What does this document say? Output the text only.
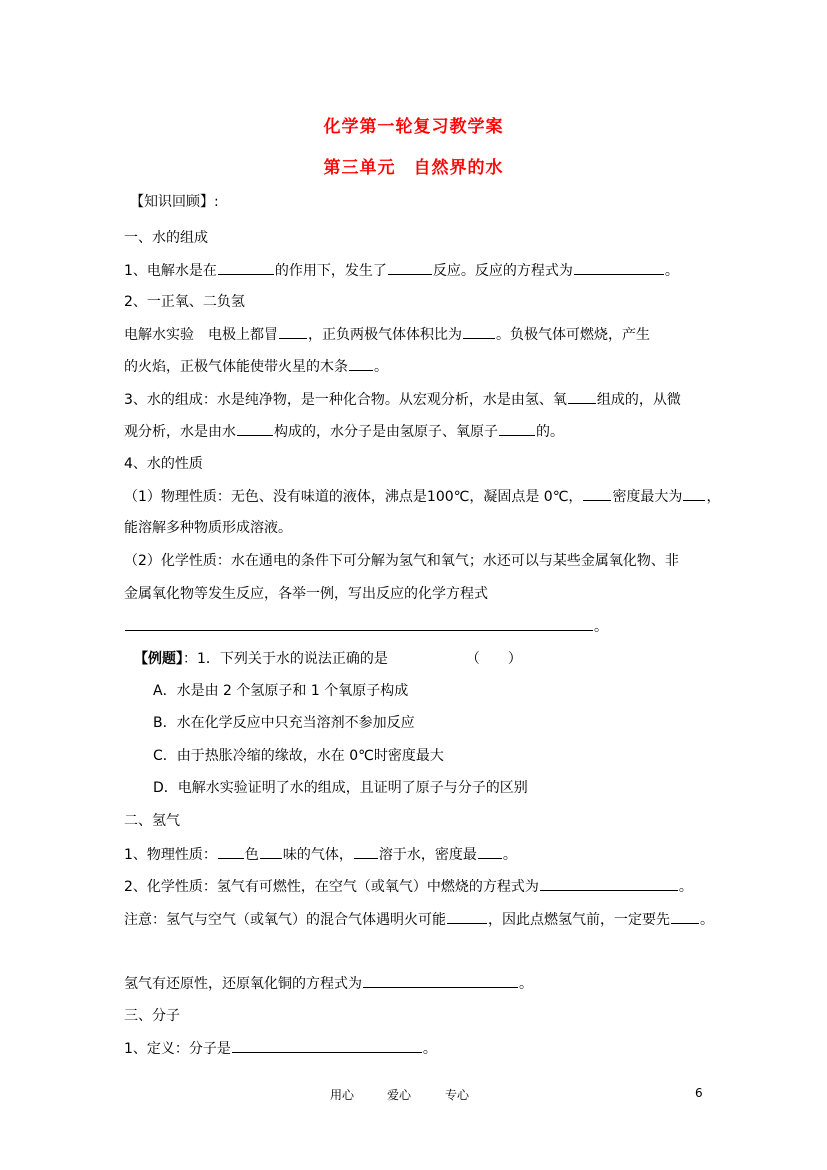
化学第一轮复习教学案
第三单元　自然界的水
【知识回顾】:
一、水的组成
1、电解水是在	的作用下，发生了	反应。反应的方程式为	。
2、一正氧、二负氢
电解水实验　电极上都冒 ，正负两极气体体积比为 。负极气体可燃烧，产生
的火焰，正极气体能使带火星的木条 。
3、水的组成：水是纯净物，是一种化合物。从宏观分析，水是由氢、氧 组成的，从微
观分析，水是由水	构成的，水分子是由氢原子、氧原子	的。
4、水的性质
（1）物理性质：无色、没有味道的液体，沸点是100℃，凝固点是 0℃， 密度最大为 ，
能溶解多种物质形成溶液。
（2）化学性质：水在通电的条件下可分解为氢气和氧气；水还可以与某些金属氧化物、非
金属氧化物等发生反应，各举一例，写出反应的化学方程式
。
【例题】：1．下列关于水的说法正确的是	（　　）
A．水是由 2 个氢原子和 1 个氧原子构成
B．水在化学反应中只充当溶剂不参加反应
C．由于热胀冷缩的缘故，水在 0℃时密度最大
D．电解水实验证明了水的组成，且证明了原子与分子的区别
二、氢气
1、物理性质： 色 味的气体， 溶于水，密度最 。
2、化学性质：氢气有可燃性，在空气（或氧气）中燃烧的方程式为	。
注意：氢气与空气（或氧气）的混合气体遇明火可能	，因此点燃氢气前，一定要先 。
氢气有还原性，还原氧化铜的方程式为	。
三、分子
1、定义：分子是	。
用心	爱心	专心	6
